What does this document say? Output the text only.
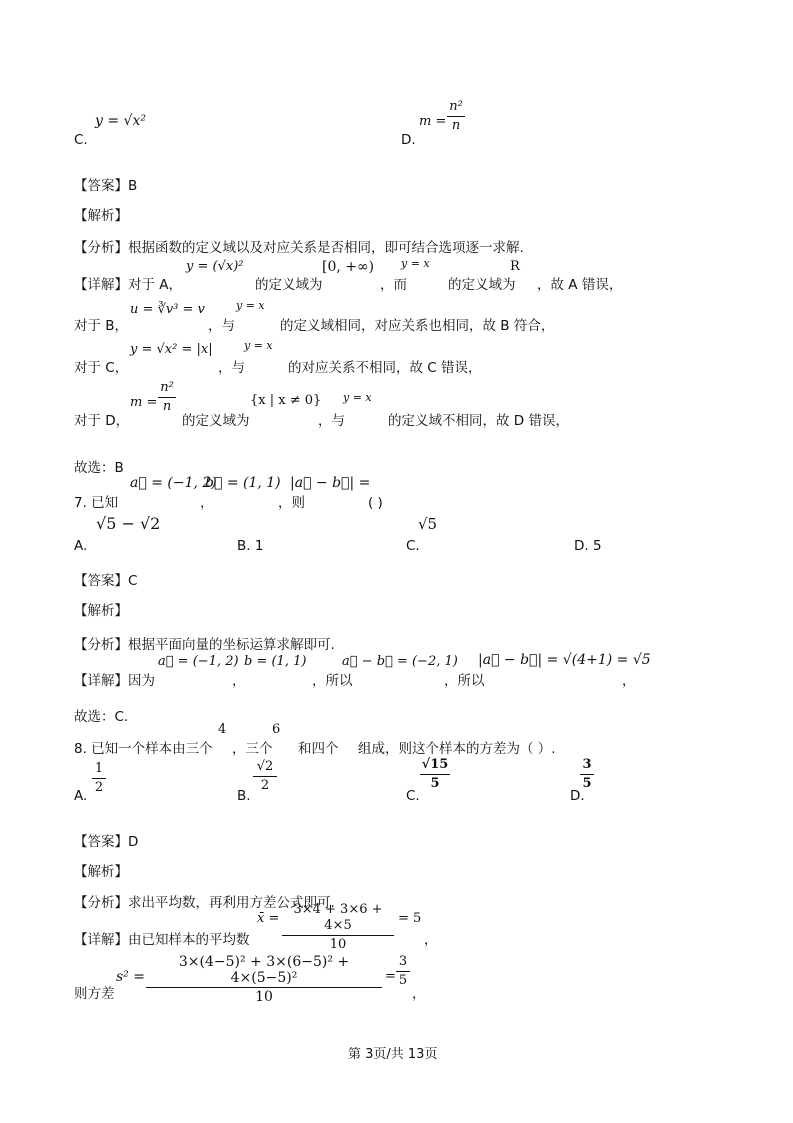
y = √x²
C.
m =
n²
n
D.
【答案】B
【解析】
【分析】根据函数的定义域以及对应关系是否相同，即可结合选项逐一求解.
y = (√x)²	[0, +∞) y = x	R
【详解】对于 A，	的定义域为	，而	的定义域为 ，故 A 错误，
u = ∛v³ = v	y = x
对于 B，	，与	的定义域相同，对应关系也相同，故 B 符合，
y = √x² = |x|	y = x
对于 C，	，与	的对应关系不相同，故 C 错误，
m =
n²
n	{x | x ≠ 0} y = x
对于 D，	的定义域为	，与	的定义域不相同，故 D 错误，
故选：B
a⃗ = (−1, 2)
b⃗ = (1, 1) |a⃗ − b⃗| =
7. 已知	，	，则	( )
√5 − √2	√5
A.	B. 1	C.	D. 5
【答案】C
【解析】
【分析】根据平面向量的坐标运算求解即可.
a⃗ = (−1, 2) b = (1, 1)	a⃗ − b⃗ = (−2, 1) |a⃗ − b⃗| = √(4+1) = √5
【详解】因为	，	，所以	，所以	，
故选：C.
4	6
8. 已知一个样本由三个 ，三个 和四个 组成，则这个样本的方差为（ ）.
1
2
A.
√2
2
B.
√15
5
C.
3
5
D.
【答案】D
【解析】
【分析】求出平均数，再利用方差公式即可.
x̄ =
3×4 + 3×6 + 4×5
10
= 5
【详解】由已知样本的平均数	，
s² =
3×(4−5)² + 3×(6−5)² + 4×(5−5)²
10
=
3
5
则方差	，
第 3页/共 13页
